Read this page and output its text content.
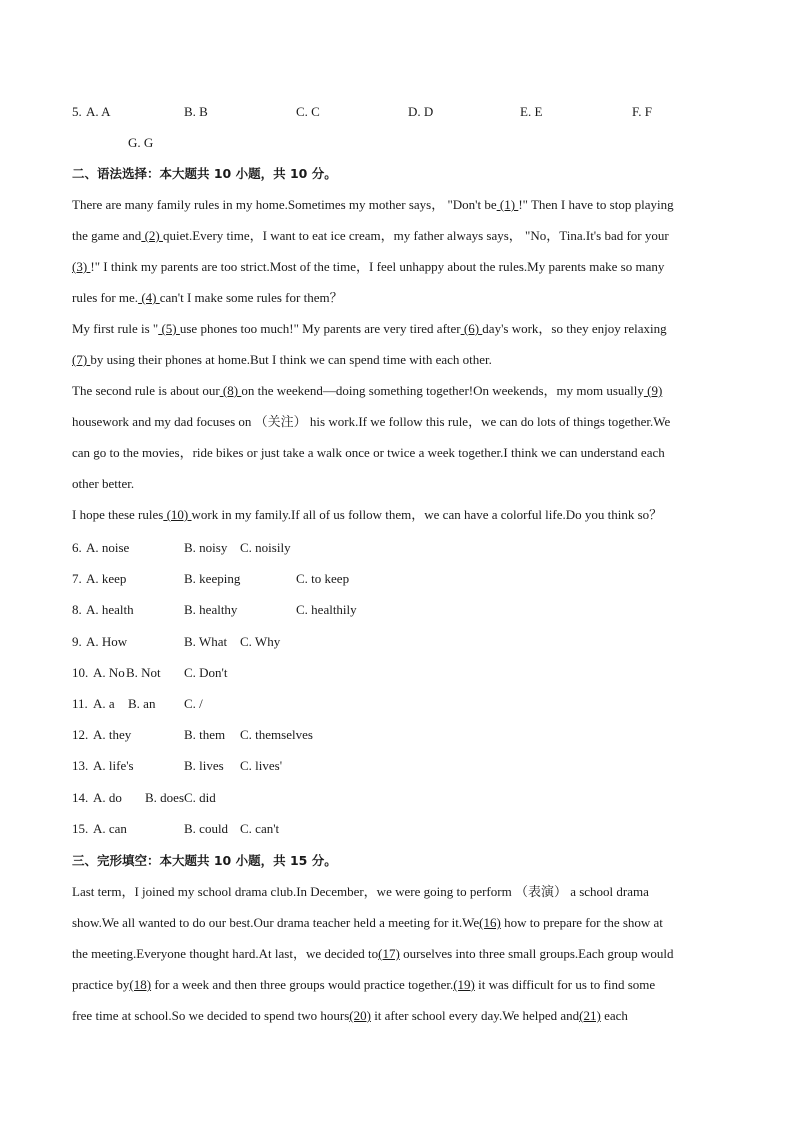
5. A. A	B. B	C. C	D. D	E. E	F. F
G. G
二、语法选择：本大题共 10 小题，共 10 分。
There are many family rules in my home.Sometimes my mother says， "Don't be (1) !" Then I have to stop playing
the game and (2) quiet.Every time，I want to eat ice cream，my father always says， "No，Tina.It's bad for your
(3) !" I think my parents are too strict.Most of the time，I feel unhappy about the rules.My parents make so many
rules for me. (4) can't I make some rules for them？
My first rule is " (5) use phones too much!" My parents are very tired after (6) day's work，so they enjoy relaxing
(7) by using their phones at home.But I think we can spend time with each other.
The second rule is about our (8) on the weekend—doing something together!On weekends，my mom usually (9)
housework and my dad focuses on （关注） his work.If we follow this rule，we can do lots of things together.We
can go to the movies，ride bikes or just take a walk once or twice a week together.I think we can understand each
other better.
I hope these rules (10) work in my family.If all of us follow them，we can have a colorful life.Do you think so？
6. A. noise	B. noisy C. noisily
7. A. keep	B. keeping	C. to keep
8. A. health	B. healthy	C. healthily
9. A. How	B. What C. Why
10. A. No B. Not C. Don't
11. A. a B. an C. /
12. A. they	B. them C. themselves
13. A. life's	B. lives C. lives'
14. A. do B. does C. did
15. A. can	B. could C. can't
三、完形填空：本大题共 10 小题，共 15 分。
Last term，I joined my school drama club.In December，we were going to perform （表演） a school drama
show.We all wanted to do our best.Our drama teacher held a meeting for it.We(16) how to prepare for the show at
the meeting.Everyone thought hard.At last，we decided to(17) ourselves into three small groups.Each group would
practice by(18) for a week and then three groups would practice together.(19) it was difficult for us to find some
free time at school.So we decided to spend two hours(20) it after school every day.We helped and(21) each
